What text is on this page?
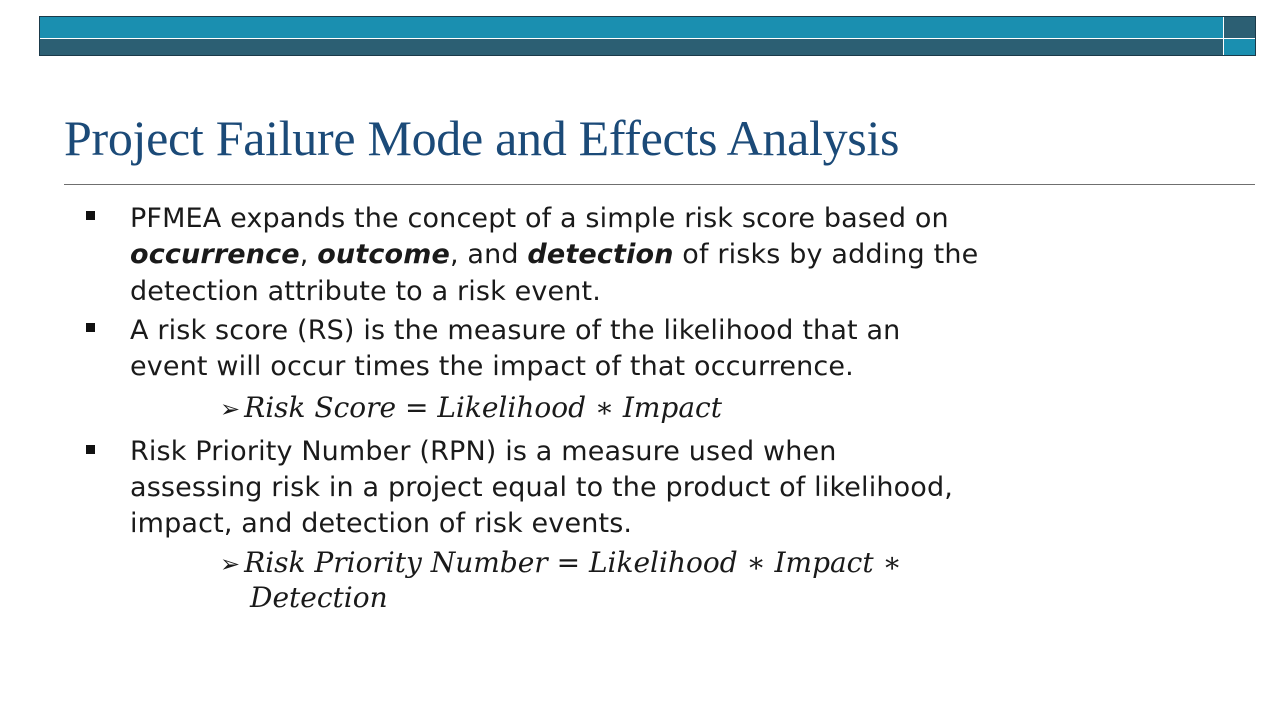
Project Failure Mode and Effects Analysis
PFMEA expands the concept of a simple risk score based on
occurrence, outcome, and detection of risks by adding the
detection attribute to a risk event.
A risk score (RS) is the measure of the likelihood that an
event will occur times the impact of that occurrence.
➢ Risk Score = Likelihood ∗ Impact
Risk Priority Number (RPN) is a measure used when
assessing risk in a project equal to the product of likelihood,
impact, and detection of risk events.
➢ Risk Priority Number = Likelihood ∗ Impact ∗
Detection
